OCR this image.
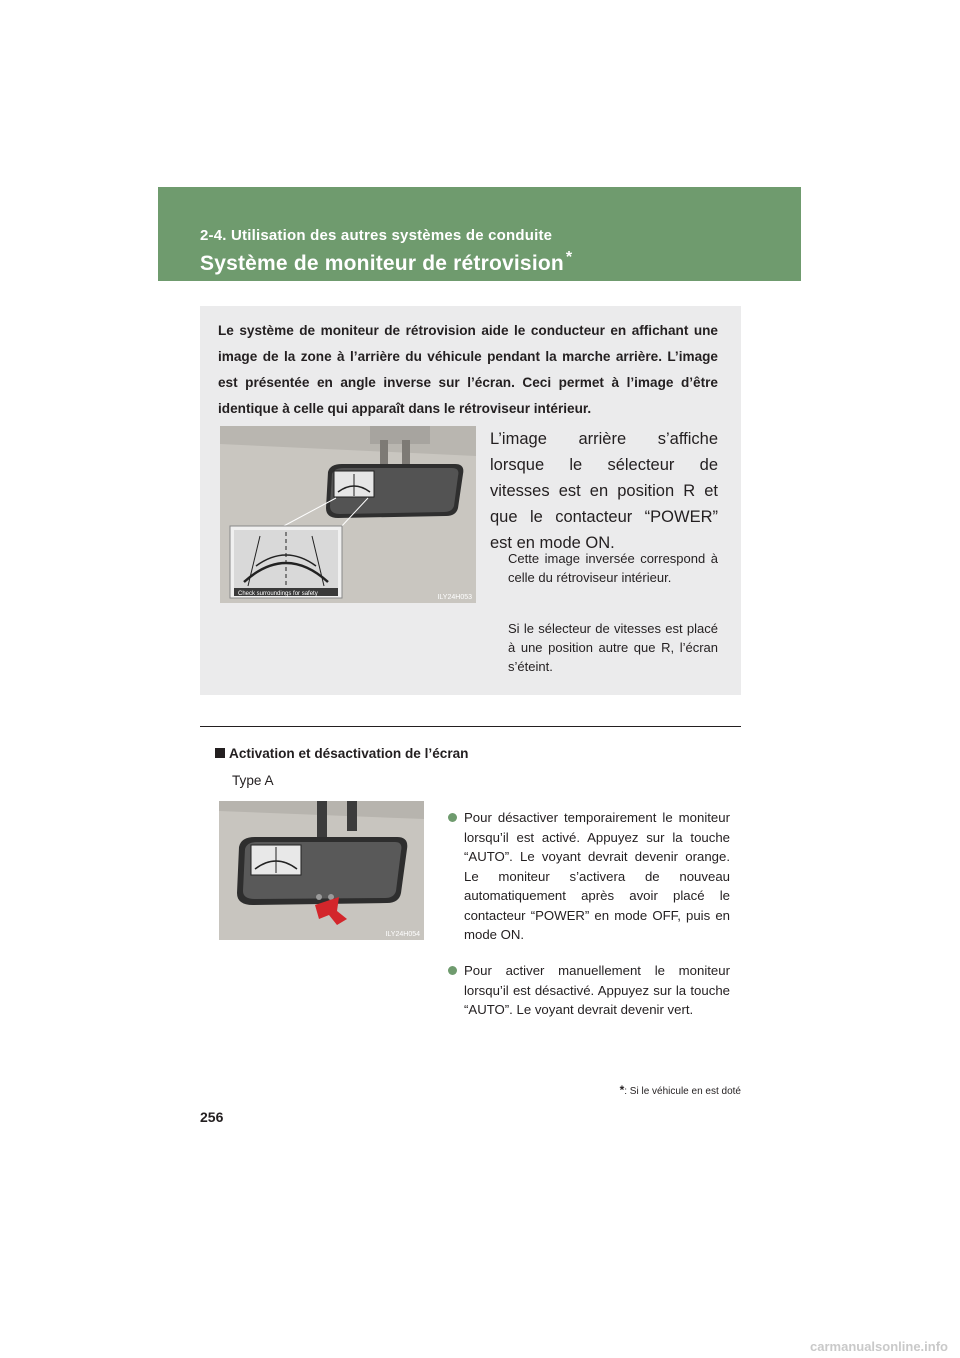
2-4. Utilisation des autres systèmes de conduite
Système de moniteur de rétrovision *
Le système de moniteur de rétrovision aide le conducteur en affichant une image de la zone à l’arrière du véhicule pendant la marche arrière. L’image est présentée en angle inverse sur l’écran. Ceci permet à l’image d’être identique à celle qui apparaît dans le rétroviseur intérieur.
Check surroundings for safety	ILY24H053
L’image arrière s’affiche lorsque le sélecteur de vitesses est en position R et que le contacteur “POWER” est en mode ON.
Cette image inversée correspond à celle du rétroviseur intérieur.
Si le sélecteur de vitesses est placé à une position autre que R, l’écran s’éteint.
Activation et désactivation de l’écran
Type A
ILY24H054
Pour désactiver temporairement le moniteur lorsqu’il est activé. Appuyez sur la touche “AUTO”. Le voyant devrait devenir orange. Le moniteur s’activera de nouveau automatiquement après avoir placé le contacteur “POWER” en mode OFF, puis en mode ON.
Pour activer manuellement le moniteur lorsqu’il est désactivé. Appuyez sur la touche “AUTO”. Le voyant devrait devenir vert.
*: Si le véhicule en est doté
256
carmanualsonline.info
